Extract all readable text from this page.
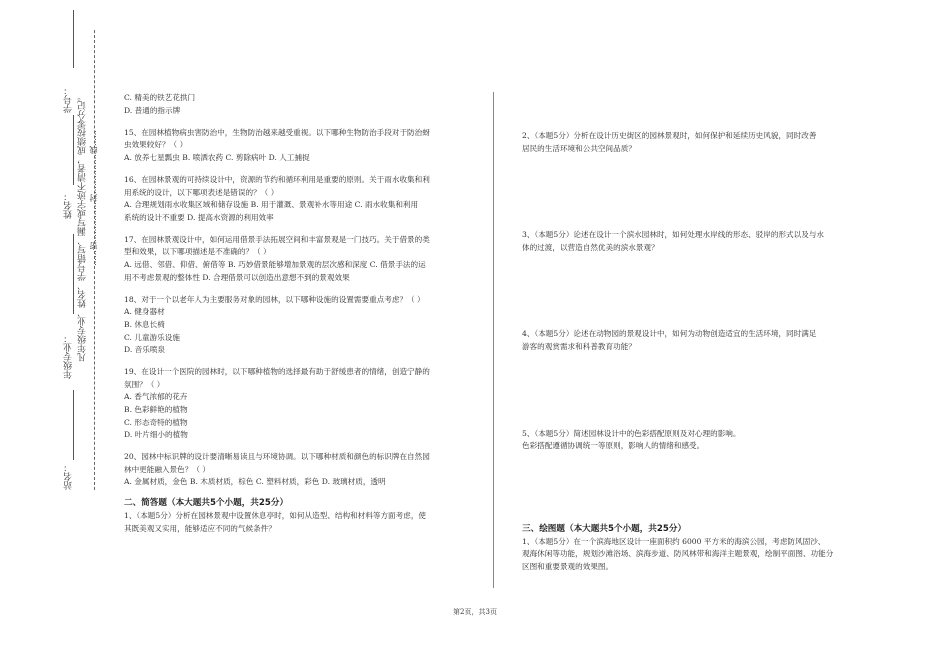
学号：
姓名：
年级专业：
站名：
凡年级专业、姓名、学号错写、漏写或字迹不清者，成绩按零分记。 ……密……………封……………线……

C. 精美的铁艺花拱门

D. 普通的指示牌

15、在园林植物病虫害防治中，生物防治越来越受重视。以下哪种生物防治手段对于防治蚜

虫效果较好？（ ）

A. 放养七星瓢虫 B. 喷洒农药 C. 剪除病叶 D. 人工捕捉

16、在园林景观的可持续设计中，资源的节约和循环利用是重要的原则。关于雨水收集和利

用系统的设计，以下哪项表述是错误的？（ ）

A. 合理规划雨水收集区域和储存设施 B. 用于灌溉、景观补水等用途 C. 雨水收集和利用

系统的设计不重要 D. 提高水资源的利用效率

17、在园林景观设计中，如何运用借景手法拓展空间和丰富景观是一门技巧。关于借景的类

型和效果，以下哪项描述是不准确的？（ ）

A. 远借、邻借、仰借、俯借等 B. 巧妙借景能够增加景观的层次感和深度 C. 借景手法的运

用不考虑景观的整体性 D. 合理借景可以创造出意想不到的景观效果

18、对于一个以老年人为主要服务对象的园林，以下哪种设施的设置需要重点考虑？（ ）

A. 健身器材

B. 休息长椅

C. 儿童游乐设施

D. 音乐喷泉

19、在设计一个医院的园林时，以下哪种植物的选择最有助于舒缓患者的情绪，创造宁静的

氛围？（ ）

A. 香气浓郁的花卉

B. 色彩鲜艳的植物

C. 形态奇特的植物

D. 叶片细小的植物

20、园林中标识牌的设计要清晰易读且与环境协调。以下哪种材质和颜色的标识牌在自然园

林中更能融入景色？（ ）

A. 金属材质，金色 B. 木质材质，棕色 C. 塑料材质，彩色 D. 玻璃材质，透明

二、简答题（本大题共5个小题，共25分）

1、（本题5分）分析在园林景观中设置休息亭时，如何从造型、结构和材料等方面考虑，使

其既美观又实用，能够适应不同的气候条件？

2、（本题5分）分析在设计历史街区的园林景观时，如何保护和延续历史风貌，同时改善

居民的生活环境和公共空间品质？

3、（本题5分）论述在设计一个滨水园林时，如何处理水岸线的形态、驳岸的形式以及与水

体的过渡，以营造自然优美的滨水景观？

4、（本题5分）论述在动物园的景观设计中，如何为动物创造适宜的生活环境，同时满足

游客的观赏需求和科普教育功能？

5、（本题5分）简述园林设计中的色彩搭配原则及对心理的影响。

色彩搭配遵循协调统一等原则，影响人的情绪和感受。

三、绘图题（本大题共5个小题，共25分）

1、（本题5分）在一个滨海地区设计一座面积约 6000 平方米的海滨公园，考虑防风固沙、

观海休闲等功能，规划沙滩浴场、滨海步道、防风林带和海洋主题景观，绘制平面图、功能分

区图和重要景观的效果图。

第2页，共3页
